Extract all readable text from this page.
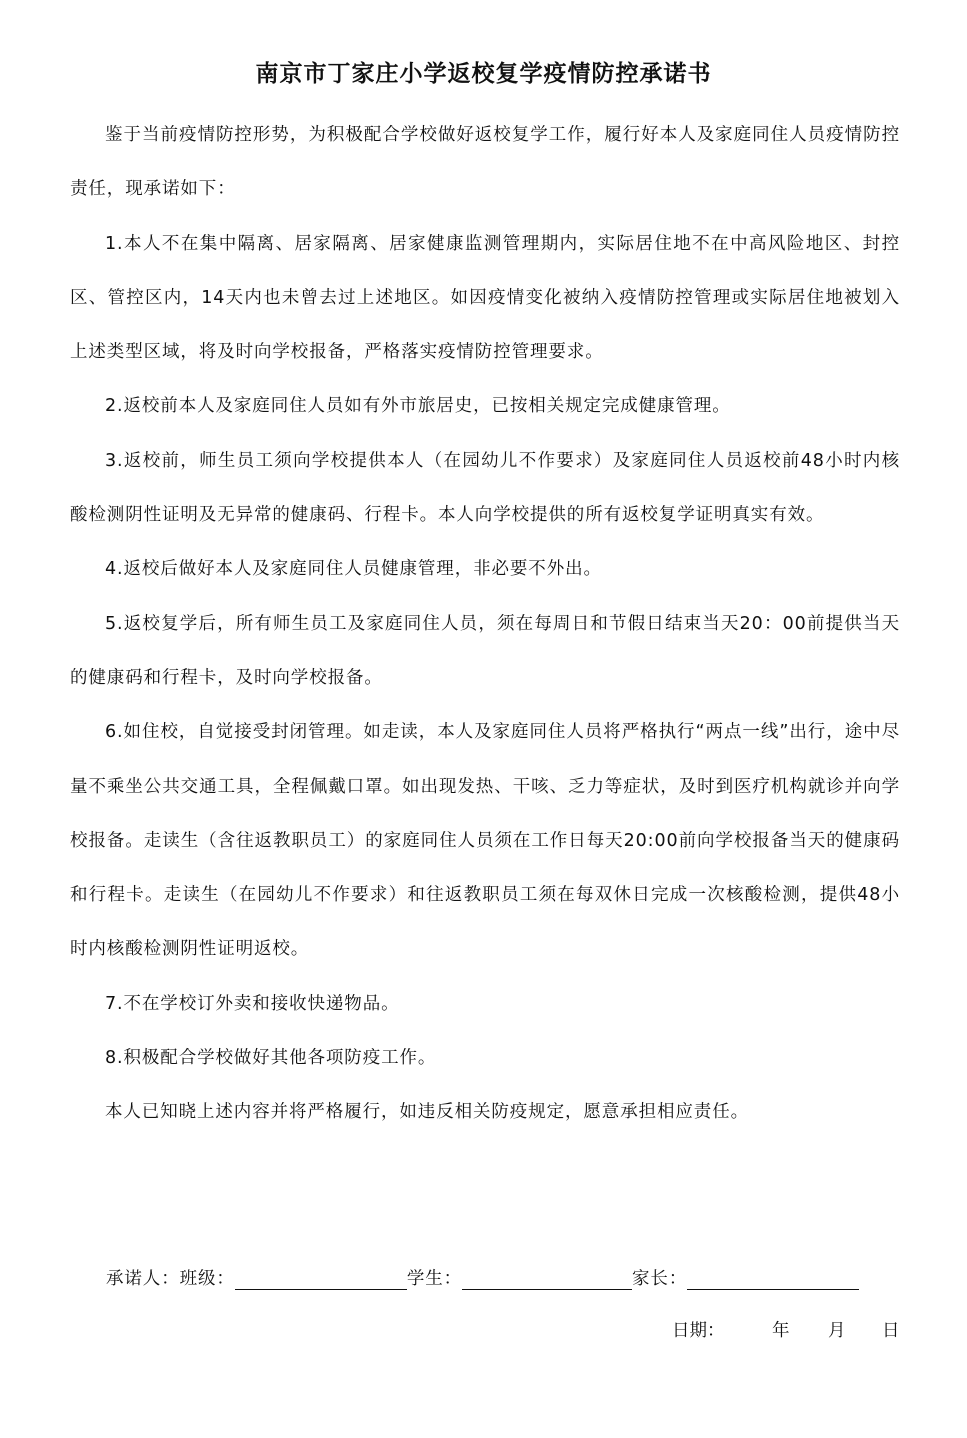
南京市丁家庄小学返校复学疫情防控承诺书

鉴于当前疫情防控形势，为积极配合学校做好返校复学工作，履行好本人及家庭同住人员疫情防控责任，现承诺如下：

1.本人不在集中隔离、居家隔离、居家健康监测管理期内，实际居住地不在中高风险地区、封控区、管控区内，14天内也未曾去过上述地区。如因疫情变化被纳入疫情防控管理或实际居住地被划入上述类型区域，将及时向学校报备，严格落实疫情防控管理要求。

2.返校前本人及家庭同住人员如有外市旅居史，已按相关规定完成健康管理。

3.返校前，师生员工须向学校提供本人（在园幼儿不作要求）及家庭同住人员返校前48小时内核酸检测阴性证明及无异常的健康码、行程卡。本人向学校提供的所有返校复学证明真实有效。

4.返校后做好本人及家庭同住人员健康管理，非必要不外出。

5.返校复学后，所有师生员工及家庭同住人员，须在每周日和节假日结束当天20：00前提供当天的健康码和行程卡，及时向学校报备。

6.如住校，自觉接受封闭管理。如走读，本人及家庭同住人员将严格执行“两点一线”出行，途中尽量不乘坐公共交通工具，全程佩戴口罩。如出现发热、干咳、乏力等症状，及时到医疗机构就诊并向学校报备。走读生（含往返教职员工）的家庭同住人员须在工作日每天20:00前向学校报备当天的健康码和行程卡。走读生（在园幼儿不作要求）和往返教职员工须在每双休日完成一次核酸检测，提供48小时内核酸检测阴性证明返校。

7.不在学校订外卖和接收快递物品。

8.积极配合学校做好其他各项防疫工作。

本人已知晓上述内容并将严格履行，如违反相关防疫规定，愿意承担相应责任。

承诺人：班级：	学生：	家长：
日期：	年 月 日
